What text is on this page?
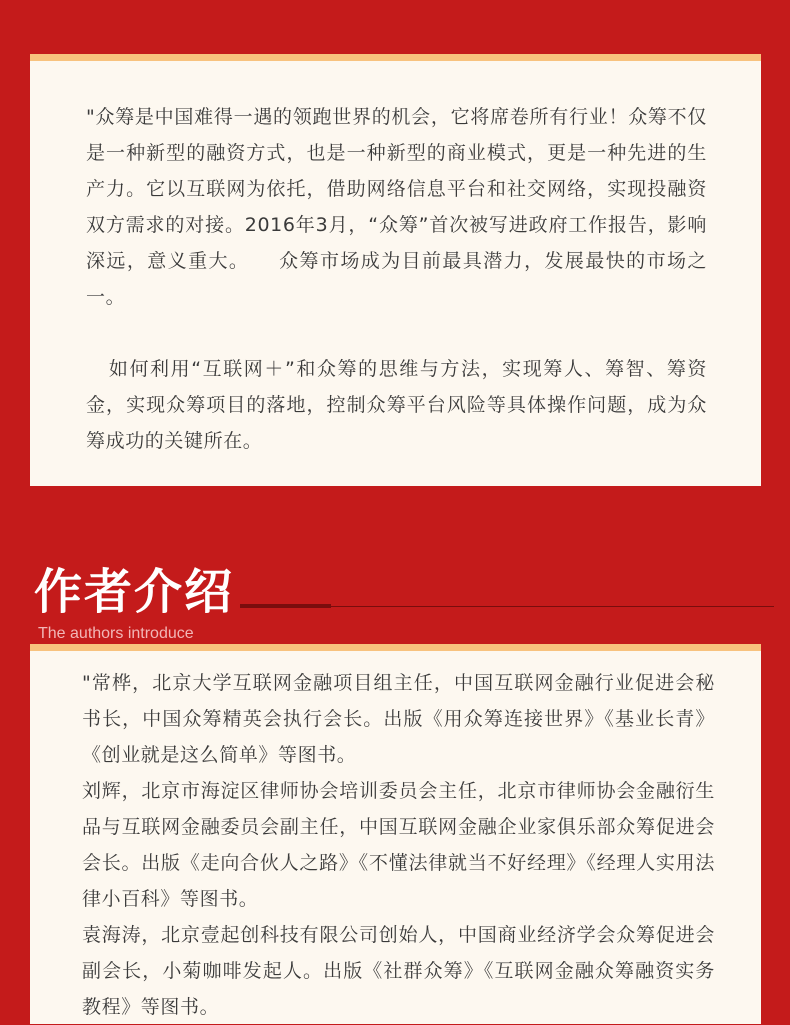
"众筹是中国难得一遇的领跑世界的机会，它将席卷所有行业！众筹不仅是一种新型的融资方式，也是一种新型的商业模式，更是一种先进的生产力。它以互联网为依托，借助网络信息平台和社交网络，实现投融资双方需求的对接。2016年3月，“众筹”首次被写进政府工作报告，影响深远，意义重大。    众筹市场成为目前最具潜力，发展最快的市场之一。

如何利用“互联网＋”和众筹的思维与方法，实现筹人、筹智、筹资金，实现众筹项目的落地，控制众筹平台风险等具体操作问题，成为众筹成功的关键所在。

作者介绍

The authors introduce

"常桦，北京大学互联网金融项目组主任，中国互联网金融行业促进会秘书长，中国众筹精英会执行会长。出版《用众筹连接世界》《基业长青》《创业就是这么简单》等图书。

刘辉，北京市海淀区律师协会培训委员会主任，北京市律师协会金融衍生品与互联网金融委员会副主任，中国互联网金融企业家俱乐部众筹促进会会长。出版《走向合伙人之路》《不懂法律就当不好经理》《经理人实用法律小百科》等图书。

袁海涛，北京壹起创科技有限公司创始人，中国商业经济学会众筹促进会副会长，小菊咖啡发起人。出版《社群众筹》《互联网金融众筹融资实务教程》等图书。
